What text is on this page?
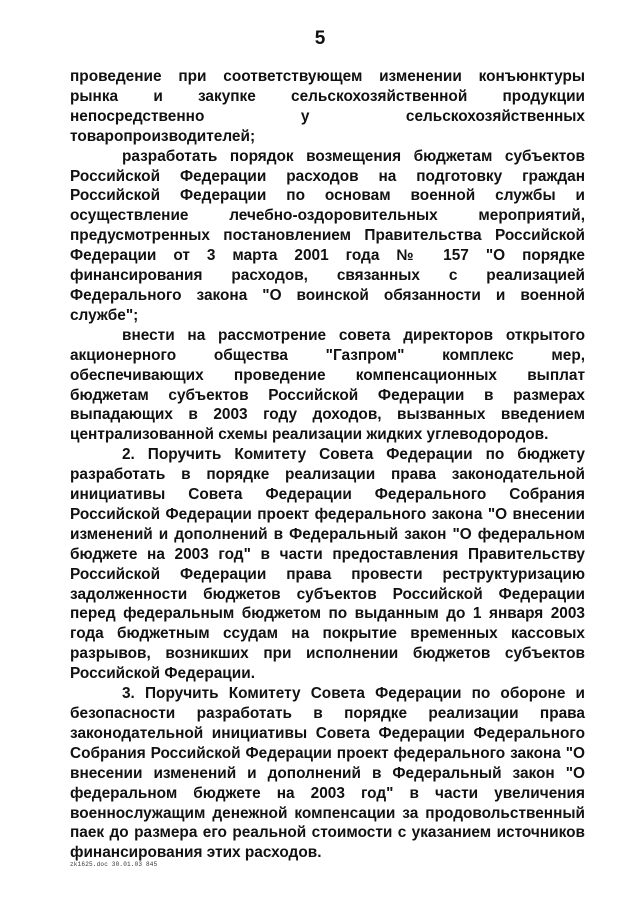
5

проведение при соответствующем изменении конъюнктуры рынка и закупке сельскохозяйственной продукции непосредственно у сельскохозяйственных товаропроизводителей;

разработать порядок возмещения бюджетам субъектов Российской Федерации расходов на подготовку граждан Российской Федерации по основам военной службы и осуществление лечебно-оздоровительных мероприятий, предусмотренных постановлением Правительства Российской Федерации от 3 марта 2001 года № 157 "О порядке финансирования расходов, связанных с реализацией Федерального закона "О воинской обязанности и военной службе";

внести на рассмотрение совета директоров открытого акционерного общества "Газпром" комплекс мер, обеспечивающих проведение компенсационных выплат бюджетам субъектов Российской Федерации в размерах выпадающих в 2003 году доходов, вызванных введением централизованной схемы реализации жидких углеводородов.

2. Поручить Комитету Совета Федерации по бюджету разработать в порядке реализации права законодательной инициативы Совета Федерации Федерального Собрания Российской Федерации проект федерального закона "О внесении изменений и дополнений в Федеральный закон "О федеральном бюджете на 2003 год" в части предоставления Правительству Российской Федерации права провести реструктуризацию задолженности бюджетов субъектов Российской Федерации перед федеральным бюджетом по выданным до 1 января 2003 года бюджетным ссудам на покрытие временных кассовых разрывов, возникших при исполнении бюджетов субъектов Российской Федерации.

3. Поручить Комитету Совета Федерации по обороне и безопасности разработать в порядке реализации права законодательной инициативы Совета Федерации Федерального Собрания Российской Федерации проект федерального закона "О внесении изменений и дополнений в Федеральный закон "О федеральном бюджете на 2003 год" в части увеличения военнослужащим денежной компенсации за продовольственный паек до размера его реальной стоимости с указанием источников финансирования этих расходов.

zk1625.doc 30.01.03 845
